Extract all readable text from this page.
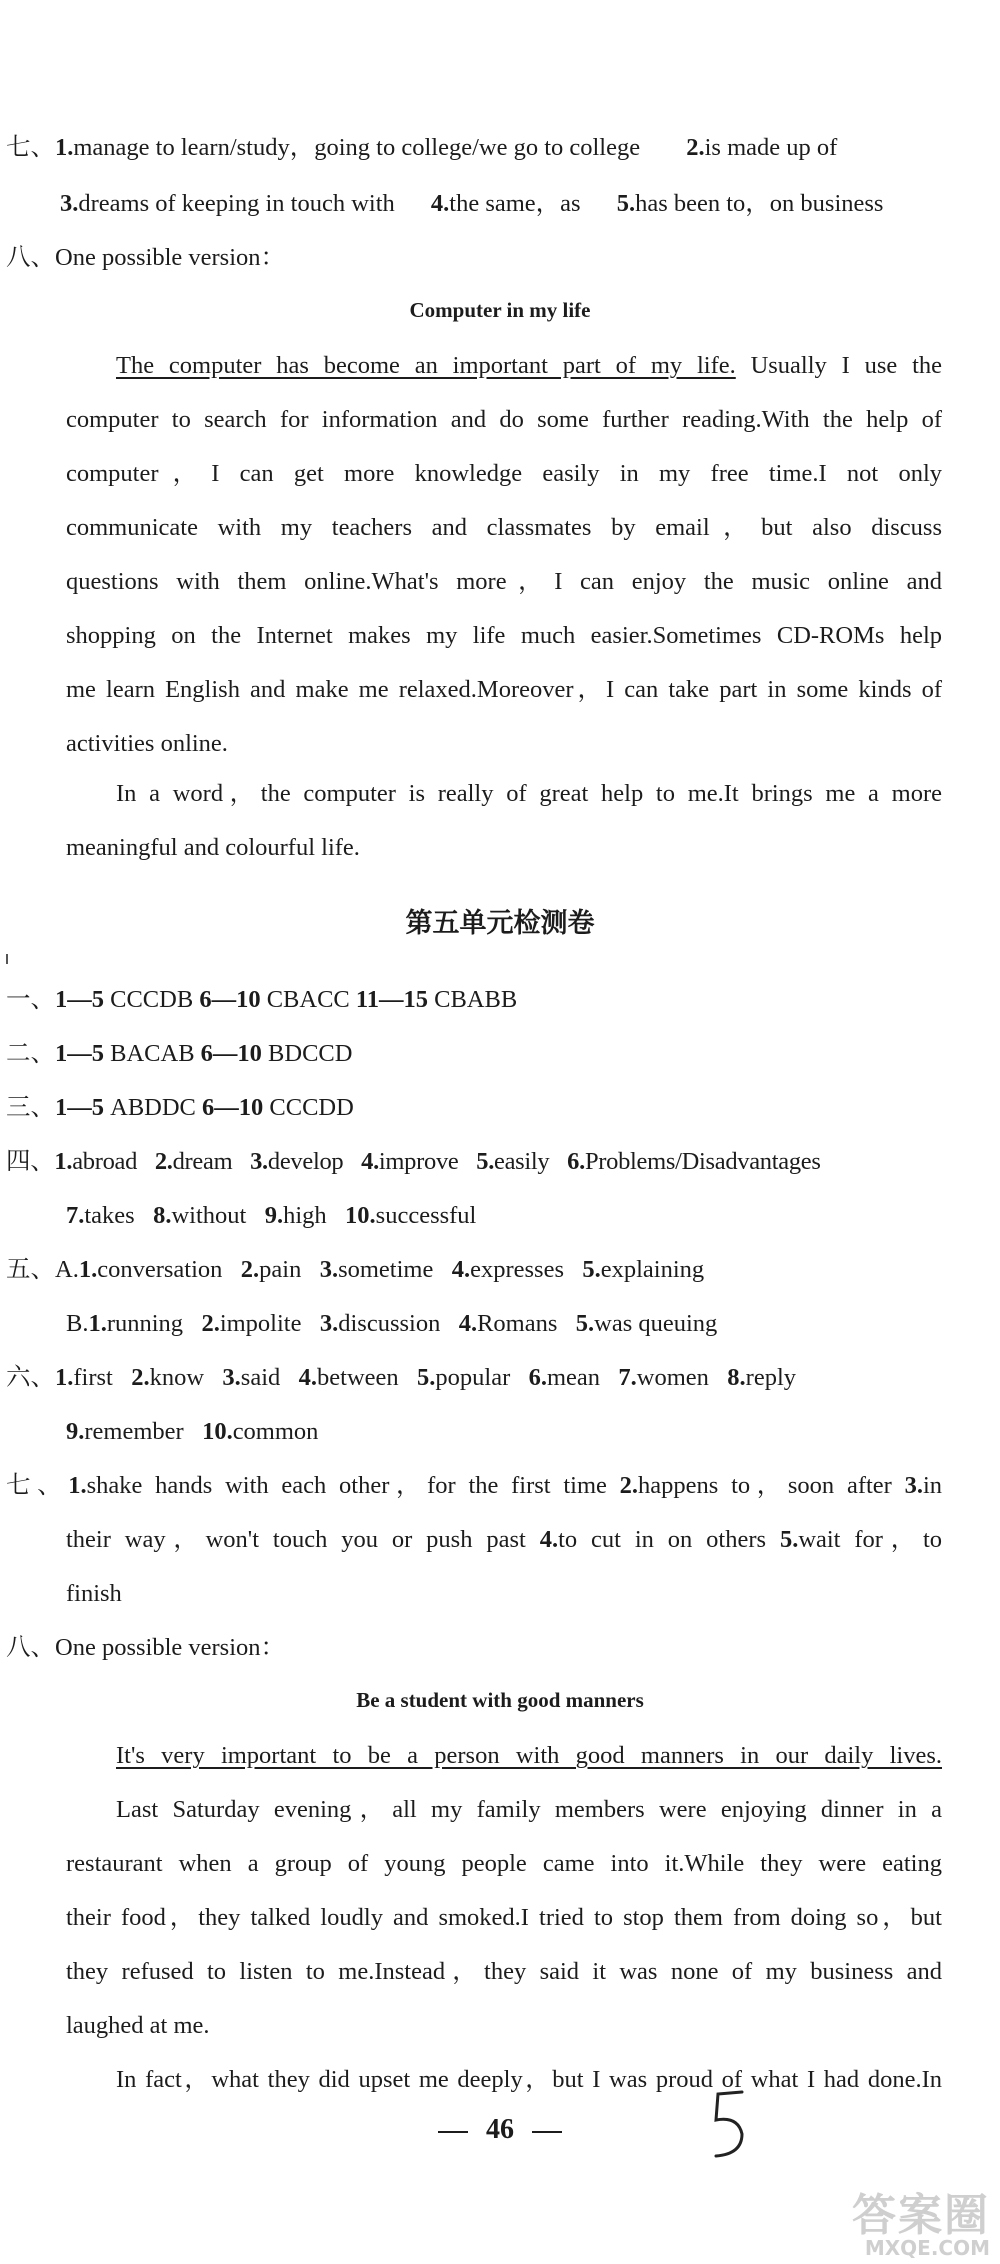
七、1.manage to learn/study，going to college/we go to college 2.is made up of
3.dreams of keeping in touch with 4.the same，as 5.has been to，on business
八、One possible version：
Computer in my life
The computer has become an important part of my life. Usually I use the
computer to search for information and do some further reading.With the help of
computer，I can get more knowledge easily in my free time.I not only
communicate with my teachers and classmates by email，but also discuss
questions with them online.What's more，I can enjoy the music online and
shopping on the Internet makes my life much easier.Sometimes CD-ROMs help
me learn English and make me relaxed.Moreover，I can take part in some kinds of
activities online.
In a word，the computer is really of great help to me.It brings me a more
meaningful and colourful life.
第五单元检测卷
一、1—5 CCCDB 6—10 CBACC 11—15 CBABB
二、1—5 BACAB 6—10 BDCCD
三、1—5 ABDDC 6—10 CCCDD
四、1.abroad   2.dream   3.develop   4.improve   5.easily   6.Problems/Disadvantages
7.takes   8.without   9.high   10.successful
五、A.1.conversation   2.pain   3.sometime   4.expresses   5.explaining
B.1.running   2.impolite   3.discussion   4.Romans   5.was queuing
六、1.first   2.know   3.said   4.between   5.popular   6.mean   7.women   8.reply
9.remember   10.common
七、1.shake hands with each other，for the first time 2.happens to，soon after 3.in
their way，won't touch you or push past 4.to cut in on others 5.wait for，to
finish
八、One possible version：
Be a student with good manners
It's very important to be a person with good manners in our daily lives.
Last Saturday evening，all my family members were enjoying dinner in a
restaurant when a group of young people came into it.While they were eating
their food，they talked loudly and smoked.I tried to stop them from doing so，but
they refused to listen to me.Instead，they said it was none of my business and
laughed at me.
In fact，what they did upset me deeply，but I was proud of what I had done.In
46
答案圈
MXQE.COM
